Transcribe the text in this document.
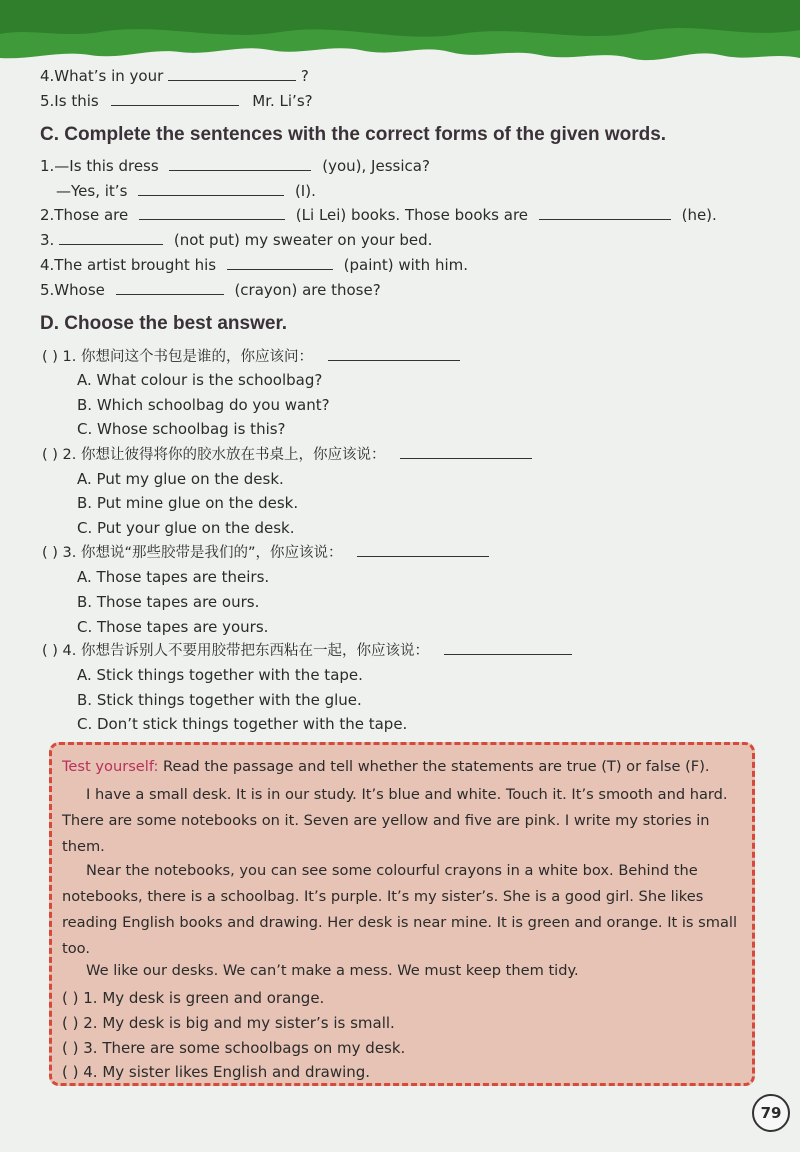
4.What’s in your	?
5.Is this	Mr. Li’s?
C. Complete the sentences with the correct forms of the given words.
1.—Is this dress	(you), Jessica?
—Yes, it’s	(I).
2.Those are	(Li Lei) books. Those books are	(he).
3.	(not put) my sweater on your bed.
4.The artist brought his	(paint) with him.
5.Whose	(crayon) are those?
D. Choose the best answer.
( ) 1. 你想问这个书包是谁的，你应该问：
A. What colour is the schoolbag?
B. Which schoolbag do you want?
C. Whose schoolbag is this?
( ) 2. 你想让彼得将你的胶水放在书桌上，你应该说：
A. Put my glue on the desk.
B. Put mine glue on the desk.
C. Put your glue on the desk.
( ) 3. 你想说“那些胶带是我们的”，你应该说：
A. Those tapes are theirs.
B. Those tapes are ours.
C. Those tapes are yours.
( ) 4. 你想告诉别人不要用胶带把东西粘在一起，你应该说：
A. Stick things together with the tape.
B. Stick things together with the glue.
C. Don’t stick things together with the tape.
Test yourself: Read the passage and tell whether the statements are true (T) or false (F).
I have a small desk. It is in our study. It’s blue and white. Touch it. It’s smooth and hard. There are some notebooks on it. Seven are yellow and five are pink. I write my stories in them.
Near the notebooks, you can see some colourful crayons in a white box. Behind the notebooks, there is a schoolbag. It’s purple. It’s my sister’s. She is a good girl. She likes reading English books and drawing. Her desk is near mine. It is green and orange. It is small too.
We like our desks. We can’t make a mess. We must keep them tidy.
( ) 1. My desk is green and orange.
( ) 2. My desk is big and my sister’s is small.
( ) 3. There are some schoolbags on my desk.
( ) 4. My sister likes English and drawing.
79
